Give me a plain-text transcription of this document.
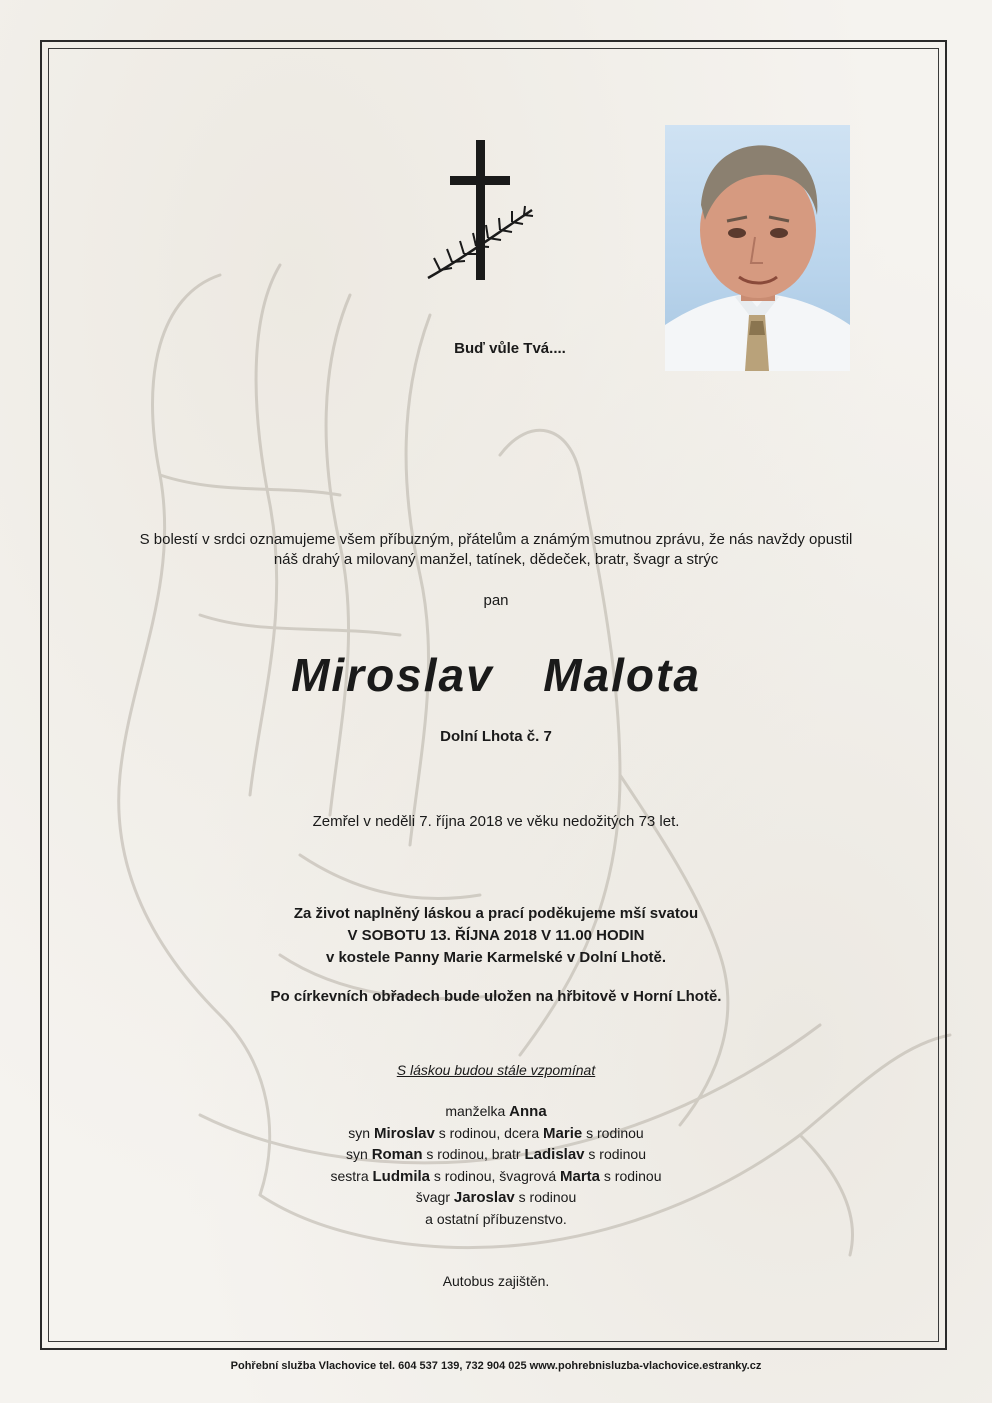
Buď vůle Tvá....
S bolestí v srdci oznamujeme všem příbuzným, přátelům a známým smutnou zprávu, že nás navždy opustil
náš drahý a milovaný manžel, tatínek, dědeček, bratr, švagr a strýc
pan
Miroslav  Malota
Dolní Lhota č. 7
Zemřel v neděli 7. října 2018 ve věku nedožitých 73 let.
Za život naplněný láskou a prací poděkujeme mší svatou
V SOBOTU 13. ŘÍJNA 2018 V 11.00 HODIN
v kostele Panny Marie Karmelské v Dolní Lhotě.
Po církevních obřadech bude uložen na hřbitově v Horní Lhotě.
S láskou budou stále vzpomínat
manželka Anna
syn Miroslav s rodinou, dcera Marie s rodinou
syn Roman s rodinou, bratr Ladislav s rodinou
sestra Ludmila s rodinou, švagrová Marta s rodinou
švagr Jaroslav s rodinou
a ostatní příbuzenstvo.
Autobus zajištěn.
Pohřební služba Vlachovice tel. 604 537 139, 732 904 025 www.pohrebnisluzba-vlachovice.estranky.cz
